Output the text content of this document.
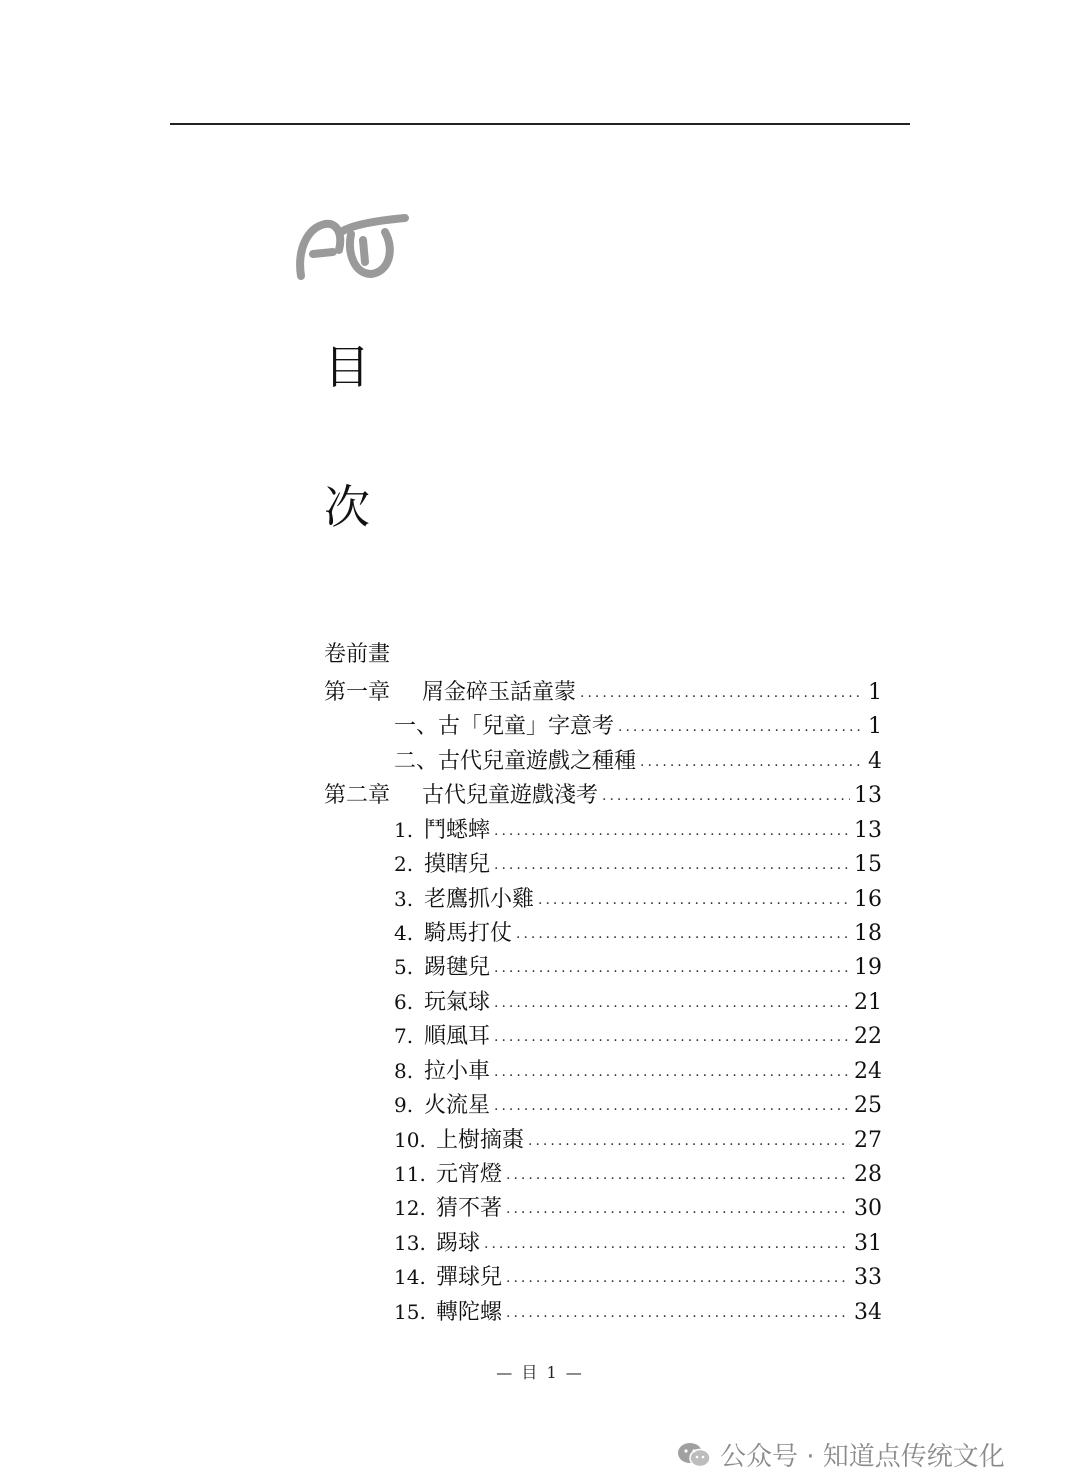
目
次
卷前畫
第一章	屑金碎玉話童蒙 ·····	1
一、古「兒童」字意考 ·····	1
二、古代兒童遊戲之種種 ·····	4
第二章	古代兒童遊戲淺考 ·····	13
1. 鬥蟋蟀 ·····	13
2. 摸瞎兒 ·····	15
3. 老鷹抓小雞 ·····	16
4. 騎馬打仗 ·····	18
5. 踢毽兒 ·····	19
6. 玩氣球 ·····	21
7. 順風耳 ·····	22
8. 拉小車 ·····	24
9. 火流星 ·····	25
10. 上樹摘棗 ·····	27
11. 元宵燈 ·····	28
12. 猜不著 ·····	30
13. 踢球 ·····	31
14. 彈球兒 ·····	33
15. 轉陀螺 ·····	34
— 目 1 —
公众号 · 知道点传统文化
